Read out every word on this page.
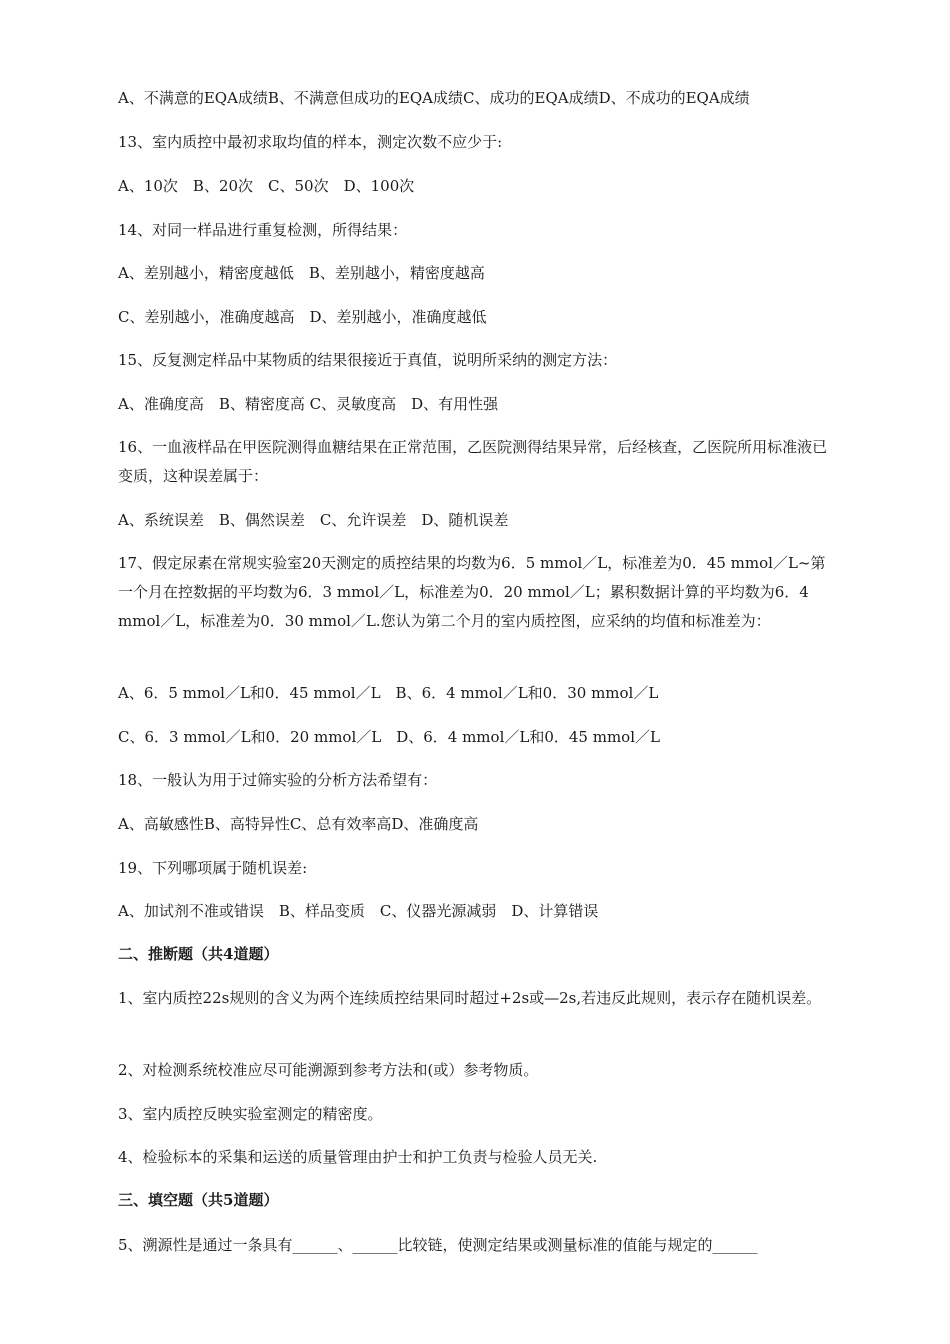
A、不满意的EQA成绩B、不满意但成功的EQA成绩C、成功的EQA成绩D、不成功的EQA成绩
13、室内质控中最初求取均值的样本，测定次数不应少于:
A、10次　B、20次　C、50次　D、100次
14、对同一样品进行重复检测，所得结果：
A、差别越小，精密度越低　B、差别越小，精密度越高
C、差别越小，准确度越高　D、差别越小，准确度越低
15、反复测定样品中某物质的结果很接近于真值，说明所采纳的测定方法：
A、准确度高　B、精密度高 C、灵敏度高　D、有用性强
16、一血液样品在甲医院测得血糖结果在正常范围，乙医院测得结果异常，后经核查，乙医院所用标准液已变质，这种误差属于：
A、系统误差　B、偶然误差　C、允许误差　D、随机误差
17、假定尿素在常规实验室20天测定的质控结果的均数为6．5 mmol／L，标准差为0．45 mmol／L~第一个月在控数据的平均数为6．3 mmol／L，标准差为0．20 mmol／L；累积数据计算的平均数为6．4 mmol／L，标准差为0．30 mmol／L.您认为第二个月的室内质控图，应采纳的均值和标准差为：
A、6．5 mmol／L和0．45 mmol／L　B、6．4 mmol／L和0．30 mmol／L
C、6．3 mmol／L和0．20 mmol／L　D、6．4 mmol／L和0．45 mmol／L
18、一般认为用于过筛实验的分析方法希望有：
A、高敏感性B、高特异性C、总有效率高D、准确度高
19、下列哪项属于随机误差:
A、加试剂不准或错误　B、样品变质　C、仪器光源减弱　D、计算错误
二、推断题（共4道题）
1、室内质控22s规则的含义为两个连续质控结果同时超过+2s或—2s,若违反此规则，表示存在随机误差。
2、对检测系统校准应尽可能溯源到参考方法和(或）参考物质。
3、室内质控反映实验室测定的精密度。
4、检验标本的采集和运送的质量管理由护士和护工负责与检验人员无关.
三、填空题（共5道题）
5、溯源性是通过一条具有______、______比较链，使测定结果或测量标准的值能与规定的______
